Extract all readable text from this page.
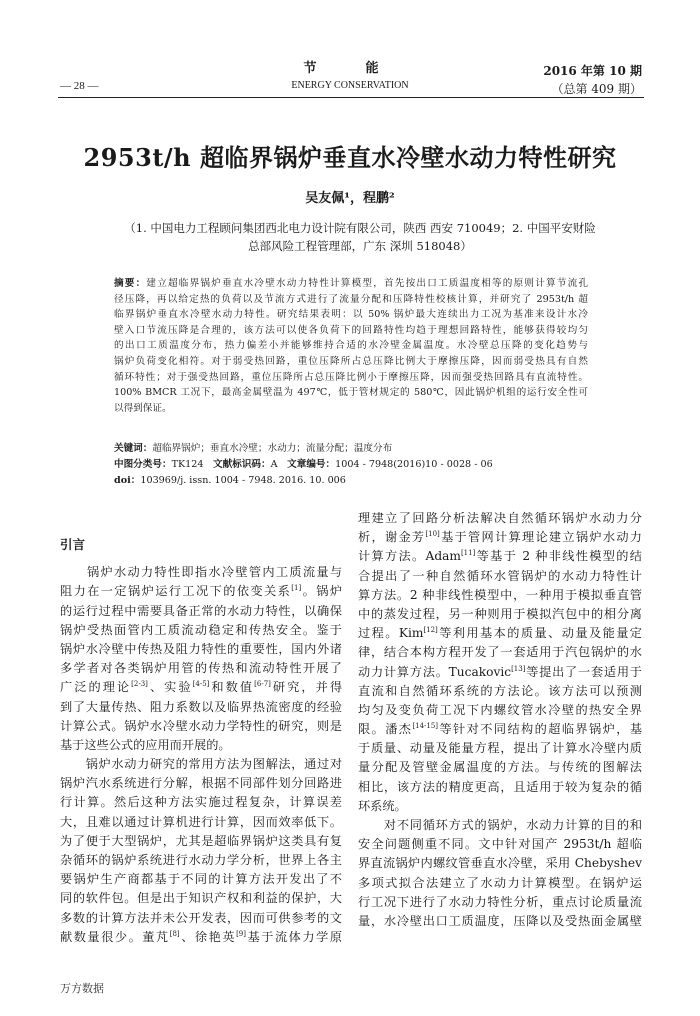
节　能
ENERGY CONSERVATION
— 28 —
2016 年第 10 期
（总第 409 期）
2953t/h 超临界锅炉垂直水冷壁水动力特性研究
吴友佩¹，程鹏²
（1. 中国电力工程顾问集团西北电力设计院有限公司，陕西 西安 710049；2. 中国平安财险
总部风险工程管理部，广东 深圳 518048）
摘要：建立超临界锅炉垂直水冷壁水动力特性计算模型，首先按出口工质温度相等的原则计算节流孔
径压降，再以给定热的负荷以及节流方式进行了流量分配和压降特性校核计算，并研究了 2953t/h 超
临界锅炉垂直水冷壁水动力特性。研究结果表明：以 50% 锅炉最大连续出力工况为基准来设计水冷
壁入口节流压降是合理的，该方法可以使各负荷下的回路特性均趋于理想回路特性，能够获得较均匀
的出口工质温度分布，热力偏差小并能够维持合适的水冷壁金属温度。水冷壁总压降的变化趋势与
锅炉负荷变化相符。对于弱受热回路，重位压降所占总压降比例大于摩擦压降，因而弱受热具有自然
循环特性；对于强受热回路，重位压降所占总压降比例小于摩擦压降，因而强受热回路具有直流特性。
100% BMCR 工况下，最高金属壁温为 497℃，低于管材规定的 580℃，因此锅炉机组的运行安全性可
以得到保证。
关键词：超临界锅炉；垂直水冷壁；水动力；流量分配；温度分布
中图分类号：TK124　 文献标识码：A　 文章编号：1004 - 7948(2016)10 - 0028 - 06
doi：103969/j. issn. 1004 - 7948. 2016. 10. 006
引言
　　锅炉水动力特性即指水冷壁管内工质流量与
阻力在一定锅炉运行工况下的依变关系[1]。锅炉
的运行过程中需要具备正常的水动力特性，以确保
锅炉受热面管内工质流动稳定和传热安全。鉴于
锅炉水冷壁中传热及阻力特性的重要性，国内外诸
多学者对各类锅炉用管的传热和流动特性开展了
广泛的理论[2-3]、实验[4-5]和数值[6-7]研究，并得
到了大量传热、阻力系数以及临界热流密度的经验
计算公式。锅炉水冷壁水动力学特性的研究，则是
基于这些公式的应用而开展的。
　　锅炉水动力研究的常用方法为图解法，通过对
锅炉汽水系统进行分解，根据不同部件划分回路进
行计算。然后这种方法实施过程复杂，计算误差
大，且难以通过计算机进行计算，因而效率低下。
为了便于大型锅炉，尤其是超临界锅炉这类具有复
杂循环的锅炉系统进行水动力学分析，世界上各主
要锅炉生产商都基于不同的计算方法开发出了不
同的软件包。但是出于知识产权和利益的保护，大
多数的计算方法并未公开发表，因而可供参考的文
献数量很少。董芃[8]、徐艳英[9]基于流体力学原
理建立了回路分析法解决自然循环锅炉水动力分
析，谢金芳[10]基于管网计算理论建立锅炉水动力
计算方法。Adam[11]等基于 2 种非线性模型的结
合提出了一种自然循环水管锅炉的水动力特性计
算方法。2 种非线性模型中，一种用于模拟垂直管
中的蒸发过程，另一种则用于模拟汽包中的相分离
过程。Kim[12]等利用基本的质量、动量及能量定
律，结合本构方程开发了一套适用于汽包锅炉的水
动力计算方法。Tucakovic[13]等提出了一套适用于
直流和自然循环系统的方法论。该方法可以预测
均匀及变负荷工况下内螺纹管水冷壁的热安全界
限。潘杰[14-15]等针对不同结构的超临界锅炉，基
于质量、动量及能量方程，提出了计算水冷壁内质
量分配及管壁金属温度的方法。与传统的图解法
相比，该方法的精度更高，且适用于较为复杂的循
环系统。
　　对不同循环方式的锅炉，水动力计算的目的和
安全问题侧重不同。文中针对国产 2953t/h 超临
界直流锅炉内螺纹管垂直水冷壁，采用 Chebyshev
多项式拟合法建立了水动力计算模型。在锅炉运
行工况下进行了水动力特性分析，重点讨论质量流
量，水冷壁出口工质温度，压降以及受热面金属壁
万方数据
